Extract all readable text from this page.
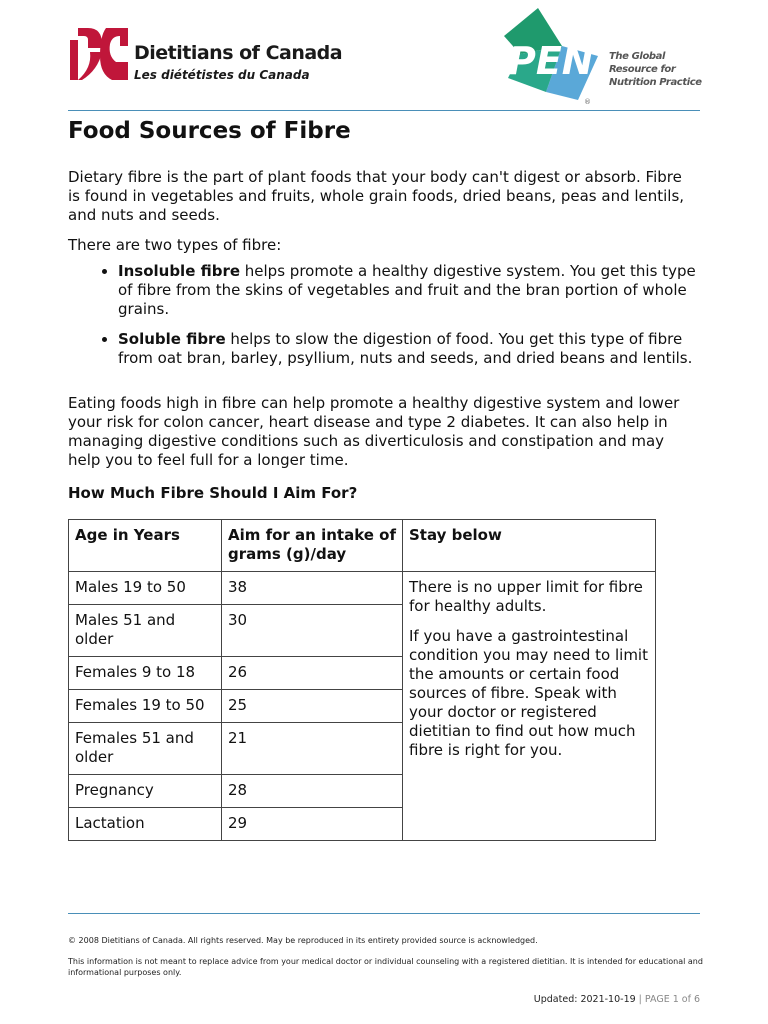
Dietitians of Canada
Les diététistes du Canada	PEN
®
The Global Resource for Nutrition Practice
Food Sources of Fibre

Dietary fibre is the part of plant foods that your body can't digest or absorb. Fibre is found in vegetables and fruits, whole grain foods, dried beans, peas and lentils, and nuts and seeds.

There are two types of fibre:

• Insoluble fibre helps promote a healthy digestive system. You get this type of fibre from the skins of vegetables and fruit and the bran portion of whole grains.
• Soluble fibre helps to slow the digestion of food. You get this type of fibre from oat bran, barley, psyllium, nuts and seeds, and dried beans and lentils.

Eating foods high in fibre can help promote a healthy digestive system and lower your risk for colon cancer, heart disease and type 2 diabetes. It can also help in managing digestive conditions such as diverticulosis and constipation and may help you to feel full for a longer time.

How Much Fibre Should I Aim For?
Age in Years	Aim for an intake of grams (g)/day	Stay below
Males 19 to 50	38	There is no upper limit for fibre for healthy adults.

If you have a gastrointestinal condition you may need to limit the amounts or certain food sources of fibre. Speak with your doctor or registered dietitian to find out how much fibre is right for you.

Males 51 and older	30	
Females 9 to 18	26	
Females 19 to 50	25	
Females 51 and older	21	
Pregnancy	28	
Lactation	29	
© 2008 Dietitians of Canada. All rights reserved. May be reproduced in its entirety provided source is acknowledged.
This information is not meant to replace advice from your medical doctor or individual counseling with a registered dietitian. It is intended for educational and informational purposes only.
Updated: 2021-10-19 | PAGE 1 of 6
